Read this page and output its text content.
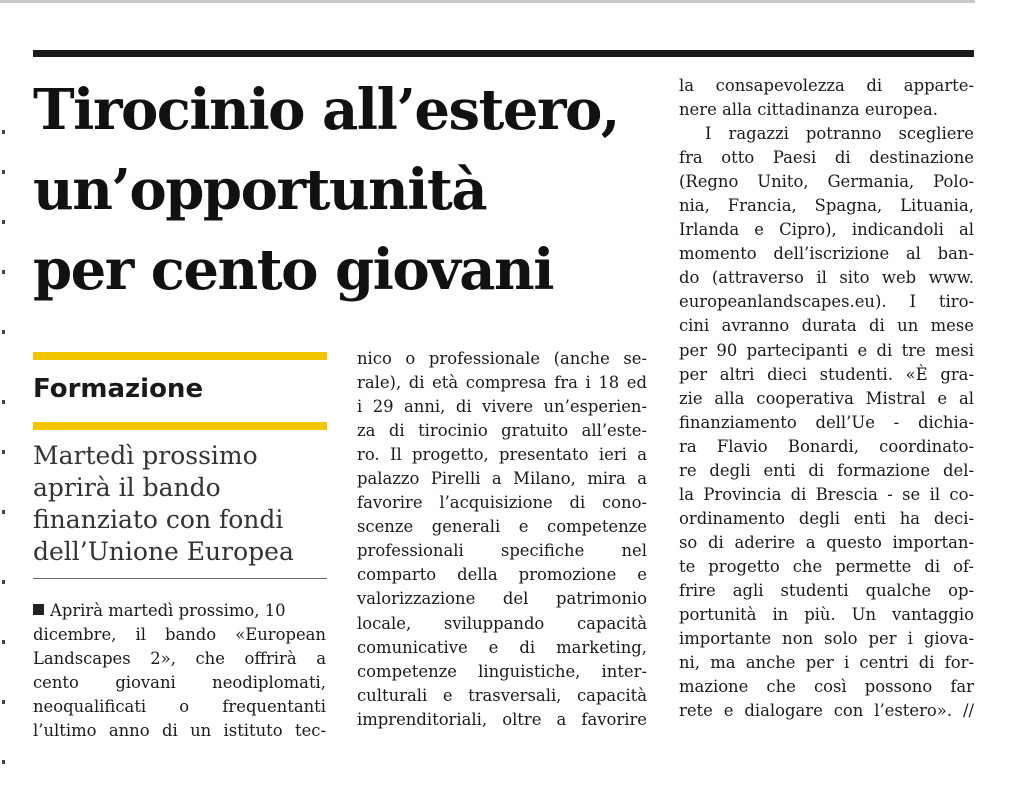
Tirocinio all’estero,
un’opportunità
per cento giovani
Formazione
Martedì prossimo
aprirà il bando
finanziato con fondi
dell’Unione Europea
Aprirà martedì prossimo, 10
dicembre, il bando «European
Landscapes 2», che offrirà a
cento giovani neodiplomati,
neoqualificati o frequentanti
l’ultimo anno di un istituto tec-
nico o professionale (anche se-
rale), di età compresa fra i 18 ed
i 29 anni, di vivere un’esperien-
za di tirocinio gratuito all’este-
ro. Il progetto, presentato ieri a
palazzo Pirelli a Milano, mira a
favorire l’acquisizione di cono-
scenze generali e competenze
professionali specifiche nel
comparto della promozione e
valorizzazione del patrimonio
locale, sviluppando capacità
comunicative e di marketing,
competenze linguistiche, inter-
culturali e trasversali, capacità
imprenditoriali, oltre a favorire
la consapevolezza di apparte-
nere alla cittadinanza europea.
I ragazzi potranno scegliere
fra otto Paesi di destinazione
(Regno Unito, Germania, Polo-
nia, Francia, Spagna, Lituania,
Irlanda e Cipro), indicandoli al
momento dell’iscrizione al ban-
do (attraverso il sito web www.
europeanlandscapes.eu). I tiro-
cini avranno durata di un mese
per 90 partecipanti e di tre mesi
per altri dieci studenti. «È gra-
zie alla cooperativa Mistral e al
finanziamento dell’Ue - dichia-
ra Flavio Bonardi, coordinato-
re degli enti di formazione del-
la Provincia di Brescia - se il co-
ordinamento degli enti ha deci-
so di aderire a questo importan-
te progetto che permette di of-
frire agli studenti qualche op-
portunità in più. Un vantaggio
importante non solo per i giova-
ni, ma anche per i centri di for-
mazione che così possono far
rete e dialogare con l’estero». //
